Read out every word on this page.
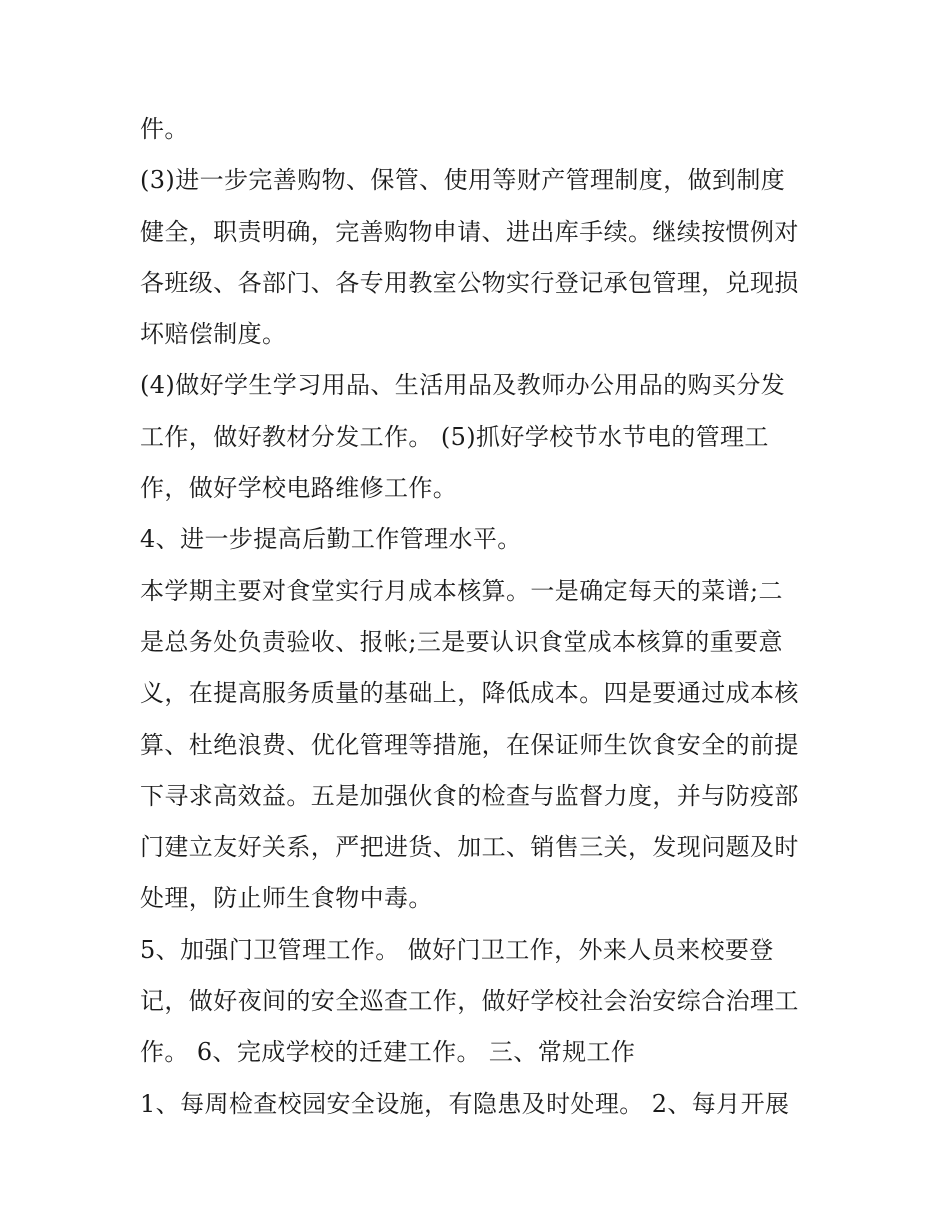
件。
(3)进一步完善购物、保管、使用等财产管理制度，做到制度
健全，职责明确，完善购物申请、进出库手续。继续按惯例对
各班级、各部门、各专用教室公物实行登记承包管理，兑现损
坏赔偿制度。
(4)做好学生学习用品、生活用品及教师办公用品的购买分发
工作，做好教材分发工作。 (5)抓好学校节水节电的管理工
作，做好学校电路维修工作。
4、进一步提高后勤工作管理水平。
本学期主要对食堂实行月成本核算。一是确定每天的菜谱;二
是总务处负责验收、报帐;三是要认识食堂成本核算的重要意
义，在提高服务质量的基础上，降低成本。四是要通过成本核
算、杜绝浪费、优化管理等措施，在保证师生饮食安全的前提
下寻求高效益。五是加强伙食的检查与监督力度，并与防疫部
门建立友好关系，严把进货、加工、销售三关，发现问题及时
处理，防止师生食物中毒。
5、加强门卫管理工作。 做好门卫工作，外来人员来校要登
记，做好夜间的安全巡查工作，做好学校社会治安综合治理工
作。 6、完成学校的迁建工作。 三、常规工作
1、每周检查校园安全设施，有隐患及时处理。 2、每月开展
